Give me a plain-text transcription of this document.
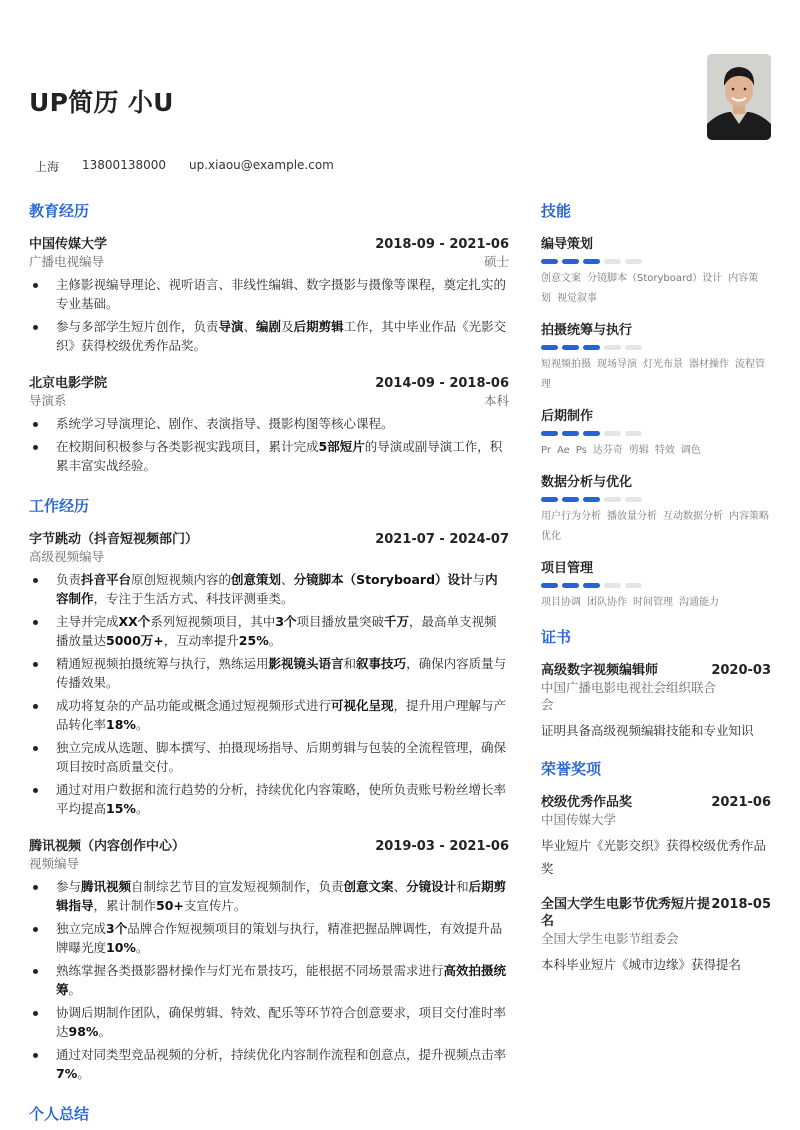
UP简历 小U
上海 13800138000 up.xiaou@example.com
教育经历
中国传媒大学	2018-09 - 2021-06
广播电视编导	硕士
主修影视编导理论、视听语言、非线性编辑、数字摄影与摄像等课程，奠定扎实的专业基础。
参与多部学生短片创作，负责导演、编剧及后期剪辑工作，其中毕业作品《光影交织》获得校级优秀作品奖。
北京电影学院	2014-09 - 2018-06
导演系	本科
系统学习导演理论、剧作、表演指导、摄影构图等核心课程。
在校期间积极参与各类影视实践项目，累计完成5部短片的导演或副导演工作，积累丰富实战经验。
工作经历
字节跳动（抖音短视频部门）	2021-07 - 2024-07
高级视频编导
负责抖音平台原创短视频内容的创意策划、分镜脚本（Storyboard）设计与内容制作，专注于生活方式、科技评测垂类。
主导并完成XX个系列短视频项目，其中3个项目播放量突破千万，最高单支视频播放量达5000万+，互动率提升25%。
精通短视频拍摄统筹与执行，熟练运用影视镜头语言和叙事技巧，确保内容质量与传播效果。
成功将复杂的产品功能或概念通过短视频形式进行可视化呈现，提升用户理解与产品转化率18%。
独立完成从选题、脚本撰写、拍摄现场指导、后期剪辑与包装的全流程管理，确保项目按时高质量交付。
通过对用户数据和流行趋势的分析，持续优化内容策略，使所负责账号粉丝增长率平均提高15%。
腾讯视频（内容创作中心）	2019-03 - 2021-06
视频编导
参与腾讯视频自制综艺节目的宣发短视频制作，负责创意文案、分镜设计和后期剪辑指导，累计制作50+支宣传片。
独立完成3个品牌合作短视频项目的策划与执行，精准把握品牌调性，有效提升品牌曝光度10%。
熟练掌握各类摄影器材操作与灯光布景技巧，能根据不同场景需求进行高效拍摄统筹。
协调后期制作团队，确保剪辑、特效、配乐等环节符合创意要求，项目交付准时率达98%。
通过对同类型竞品视频的分析，持续优化内容制作流程和创意点，提升视频点击率7%。
个人总结
技能
编导策划
创意文案 分镜脚本（Storyboard）设计 内容策划 视觉叙事
拍摄统筹与执行
短视频拍摄 现场导演 灯光布景 器材操作 流程管理
后期制作
Pr Ae Ps 达芬奇 剪辑 特效 调色
数据分析与优化
用户行为分析 播放量分析 互动数据分析 内容策略优化
项目管理
项目协调 团队协作 时间管理 沟通能力
证书
高级数字视频编辑师	2020-03
中国广播电影电视社会组织联合会
证明具备高级视频编辑技能和专业知识
荣誉奖项
校级优秀作品奖	2021-06
中国传媒大学
毕业短片《光影交织》获得校级优秀作品奖
全国大学生电影节优秀短片提名
2018-05
全国大学生电影节组委会
本科毕业短片《城市边缘》获得提名
